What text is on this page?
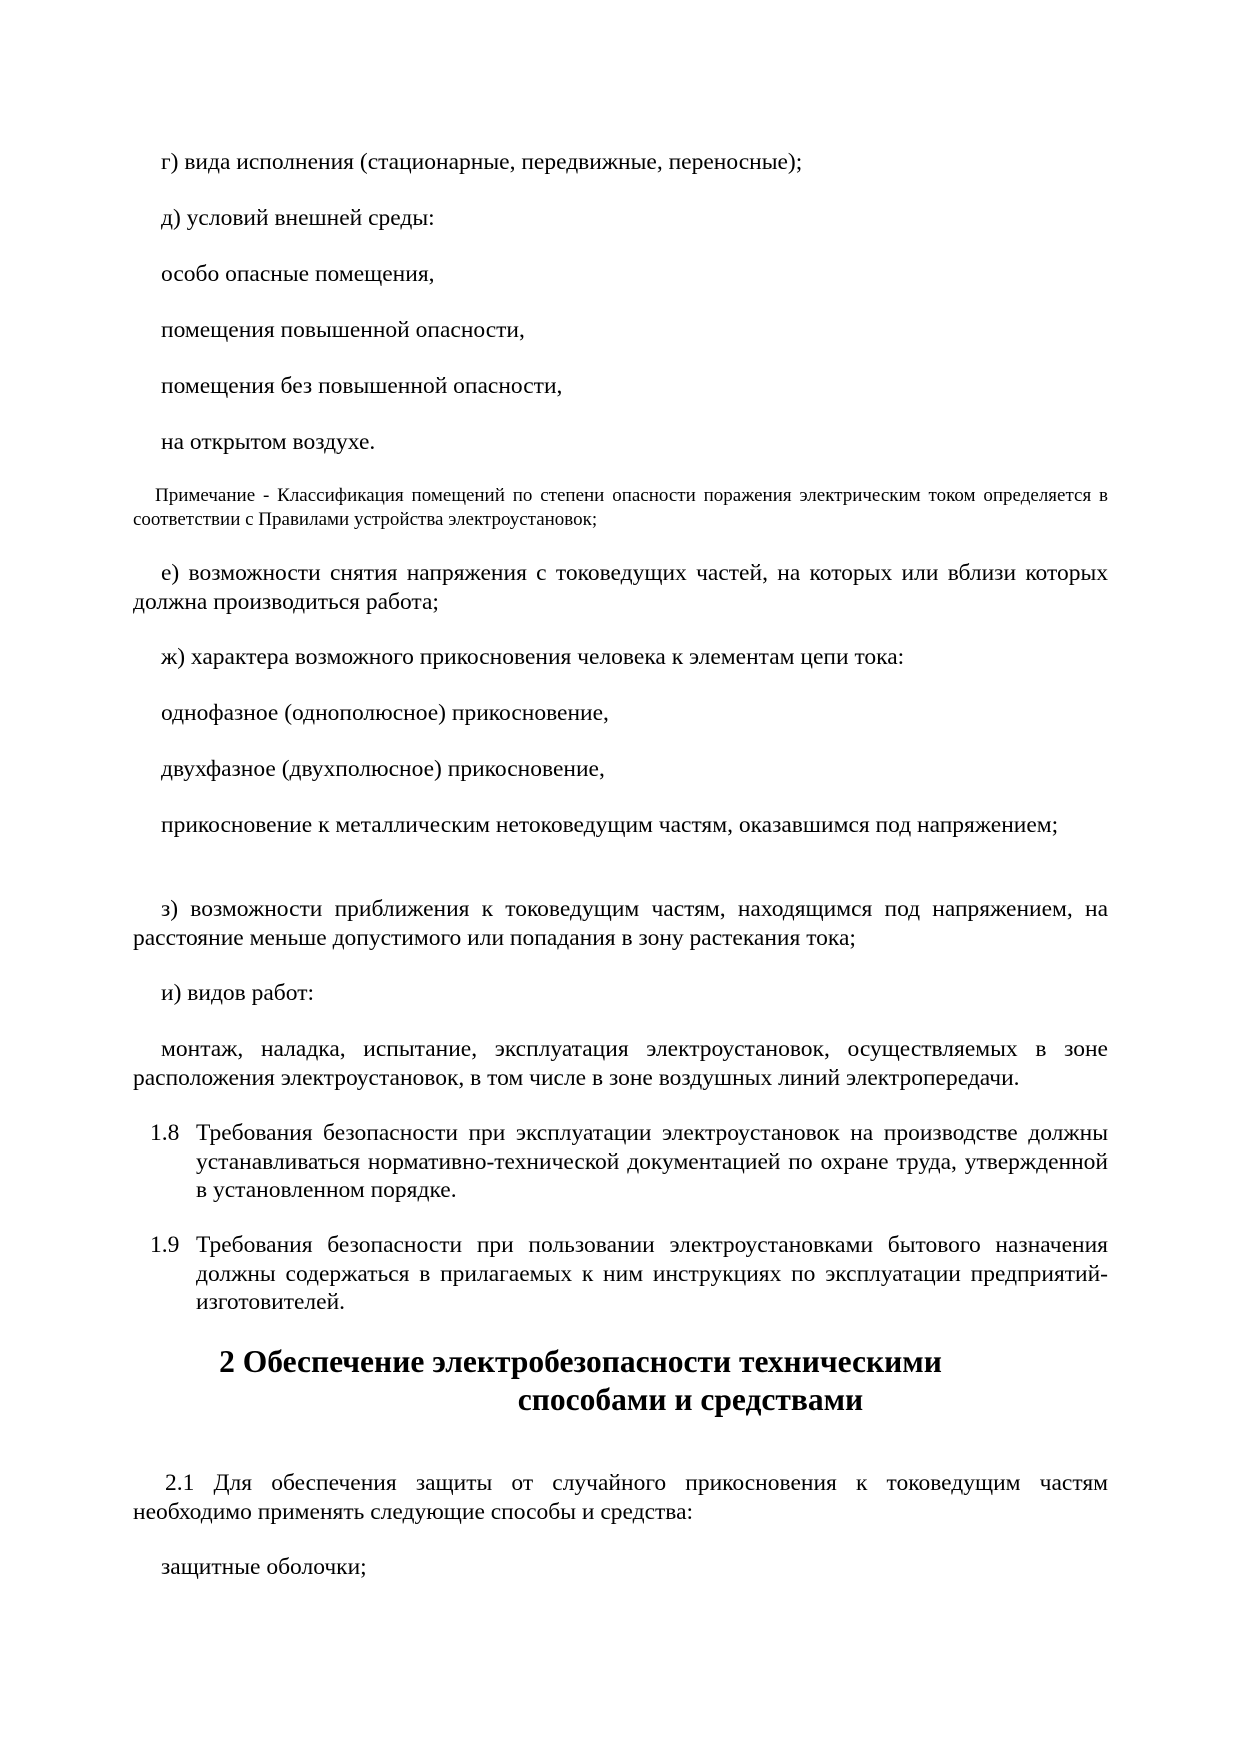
г) вида исполнения (стационарные, передвижные, переносные);

д) условий внешней среды:

особо опасные помещения,

помещения повышенной опасности,

помещения без повышенной опасности,

на открытом воздухе.

Примечание - Классификация помещений по степени опасности поражения электрическим током определяется в соответствии с Правилами устройства электроустановок;

е) возможности снятия напряжения с токоведущих частей, на которых или вблизи которых должна производиться работа;

ж) характера возможного прикосновения человека к элементам цепи тока:

однофазное (однополюсное) прикосновение,

двухфазное (двухполюсное) прикосновение,

прикосновение к металлическим нетоковедущим частям, оказавшимся под напряжением;

з) возможности приближения к токоведущим частям, находящимся под напряжением, на расстояние меньше допустимого или попадания в зону растекания тока;

и) видов работ:

монтаж, наладка, испытание, эксплуатация электроустановок, осуществляемых в зоне расположения электроустановок, в том числе в зоне воздушных линий электропередачи.

1.8 Требования безопасности при эксплуатации электроустановок на производстве должны устанавливаться нормативно-технической документацией по охране труда, утвержденной в установленном порядке.

1.9 Требования безопасности при пользовании электроустановками бытового назначения должны содержаться в прилагаемых к ним инструкциях по эксплуатации предприятий-изготовителей.

2 Обеспечение электробезопасности техническими
способами и средствами

2.1 Для обеспечения защиты от случайного прикосновения к токоведущим частям необходимо применять следующие способы и средства:

защитные оболочки;
